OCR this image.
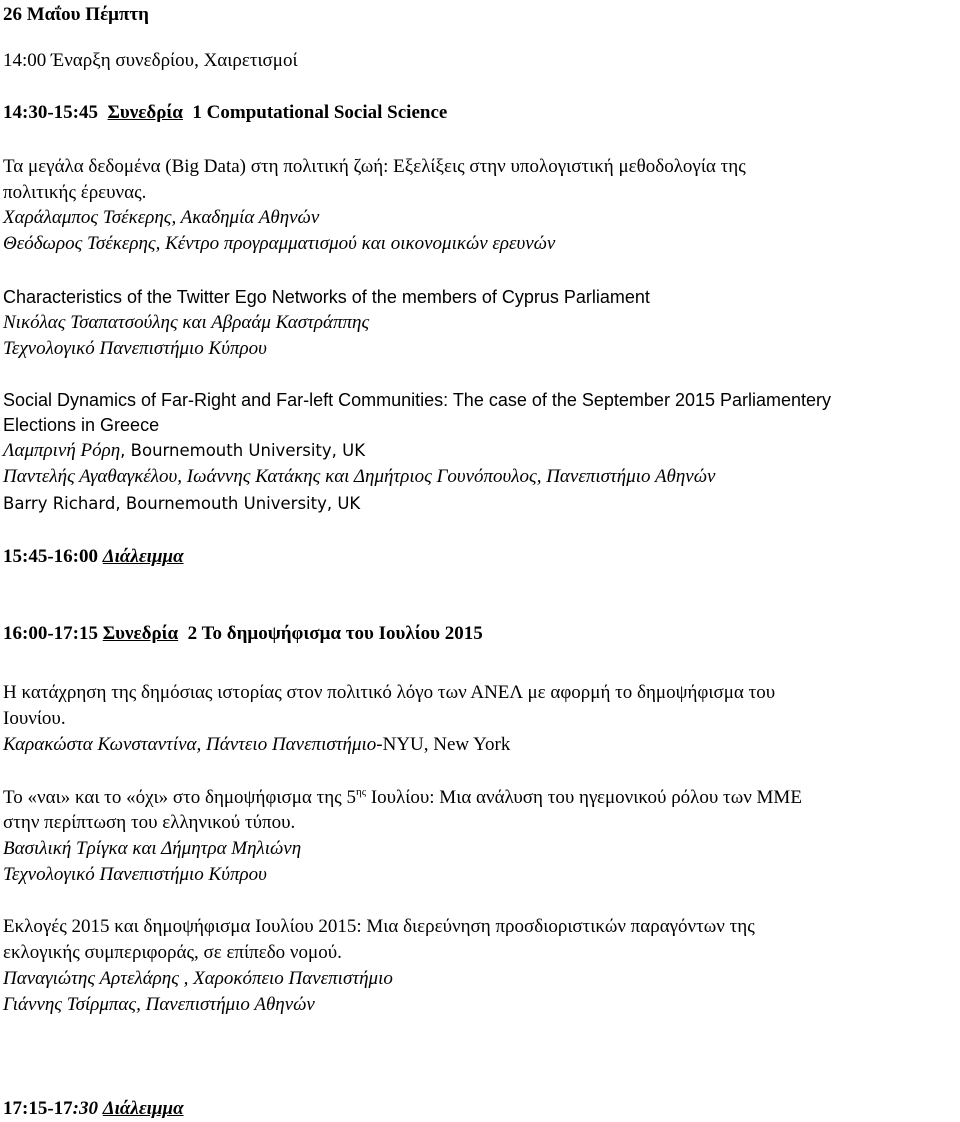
26 Μαΐου Πέμπτη
14:00 Έναρξη συνεδρίου, Χαιρετισμοί
14:30-15:45 Συνεδρία 1 Computational Social Science
Τα μεγάλα δεδομένα (Big Data) στη πολιτική ζωή: Εξελίξεις στην υπολογιστική μεθοδολογία της
πολιτικής έρευνας.
Χαράλαμπος Τσέκερης, Ακαδημία Αθηνών
Θεόδωρος Τσέκερης, Κέντρο προγραμματισμού και οικονομικών ερευνών
Characteristics of the Twitter Ego Networks of the members of Cyprus Parliament
Νικόλας Τσαπατσούλης και Αβραάμ Καστράππης
Τεχνολογικό Πανεπιστήμιο Κύπρου
Social Dynamics of Far-Right and Far-left Communities: The case of the September 2015 Parliamentery
Elections in Greece
Λαμπρινή Ρόρη, Bournemouth University, UK
Παντελής Αγαθαγκέλου, Ιωάννης Κατάκης και Δημήτριος Γουνόπουλος, Πανεπιστήμιο Αθηνών
Barry Richard, Bournemouth University, UK
15:45-16:00 Διάλειμμα
16:00-17:15 Συνεδρία 2 Το δημοψήφισμα του Ιουλίου 2015
Η κατάχρηση της δημόσιας ιστορίας στον πολιτικό λόγο των ΑΝΕΛ με αφορμή το δημοψήφισμα του
Ιουνίου.
Καρακώστα Κωνσταντίνα, Πάντειο Πανεπιστήμιο-NYU, New York
Το «ναι» και το «όχι» στο δημοψήφισμα της $5^{\eta\varsigma}$ Ιουλίου: Μια ανάλυση του ηγεμονικού ρόλου των ΜΜΕ
στην περίπτωση του ελληνικού τύπου.
Βασιλική Τρίγκα και Δήμητρα Μηλιώνη
Τεχνολογικό Πανεπιστήμιο Κύπρου
Εκλογές 2015 και δημοψήφισμα Ιουλίου 2015: Μια διερεύνηση προσδιοριστικών παραγόντων της
εκλογικής συμπεριφοράς, σε επίπεδο νομού.
Παναγιώτης Αρτελάρης , Χαροκόπειο Πανεπιστήμιο
Γιάννης Τσίρμπας, Πανεπιστήμιο Αθηνών
17:15-17:30 Διάλειμμα
